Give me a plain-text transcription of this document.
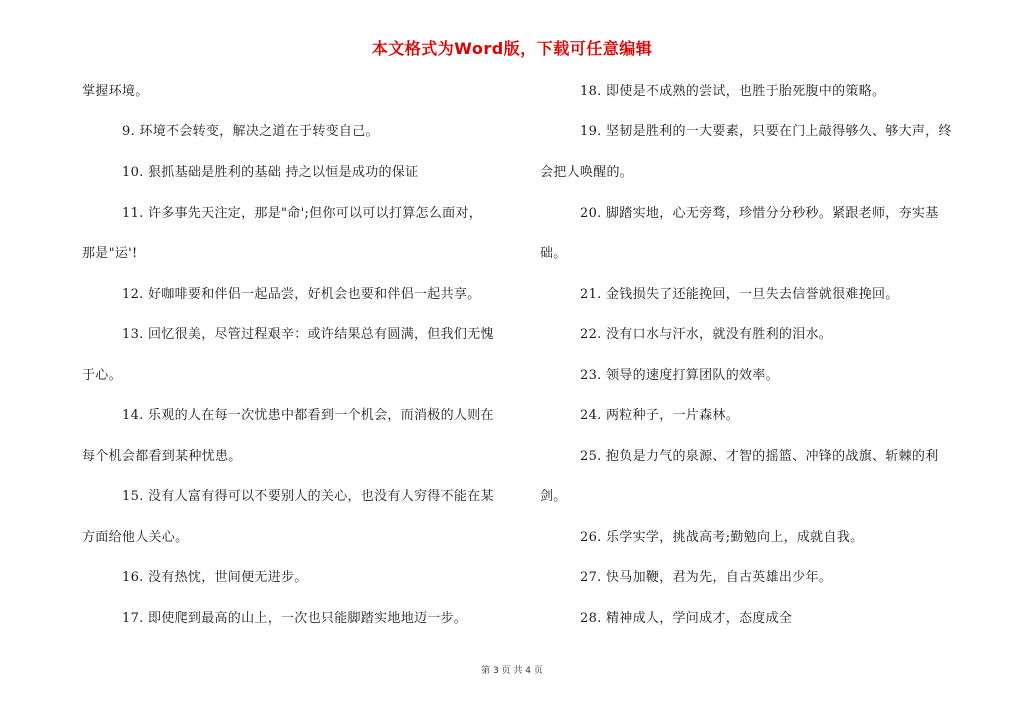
本文格式为Word版，下载可任意编辑
掌握环境。
9. 环境不会转变，解决之道在于转变自己。
10. 狠抓基础是胜利的基础 持之以恒是成功的保证
11. 许多事先天注定，那是"命';但你可以可以打算怎么面对，
那是"运'!
12. 好咖啡要和伴侣一起品尝，好机会也要和伴侣一起共享。
13. 回忆很美，尽管过程艰辛：或许结果总有圆满，但我们无愧
于心。
14. 乐观的人在每一次忧患中都看到一个机会，而消极的人则在
每个机会都看到某种忧患。
15. 没有人富有得可以不要别人的关心，也没有人穷得不能在某
方面给他人关心。
16. 没有热忱，世间便无进步。
17. 即使爬到最高的山上，一次也只能脚踏实地地迈一步。
18. 即使是不成熟的尝试，也胜于胎死腹中的策略。
19. 坚韧是胜利的一大要素，只要在门上敲得够久、够大声，终
会把人唤醒的。
20. 脚踏实地，心无旁骛，珍惜分分秒秒。紧跟老师，夯实基
础。
21. 金钱损失了还能挽回，一旦失去信誉就很难挽回。
22. 没有口水与汗水，就没有胜利的泪水。
23. 领导的速度打算团队的效率。
24. 两粒种子，一片森林。
25. 抱负是力气的泉源、才智的摇篮、冲锋的战旗、斩棘的利
剑。
26. 乐学实学，挑战高考;勤勉向上，成就自我。
27. 快马加鞭，君为先，自古英雄出少年。
28. 精神成人，学问成才，态度成全
第 3 页 共 4 页
